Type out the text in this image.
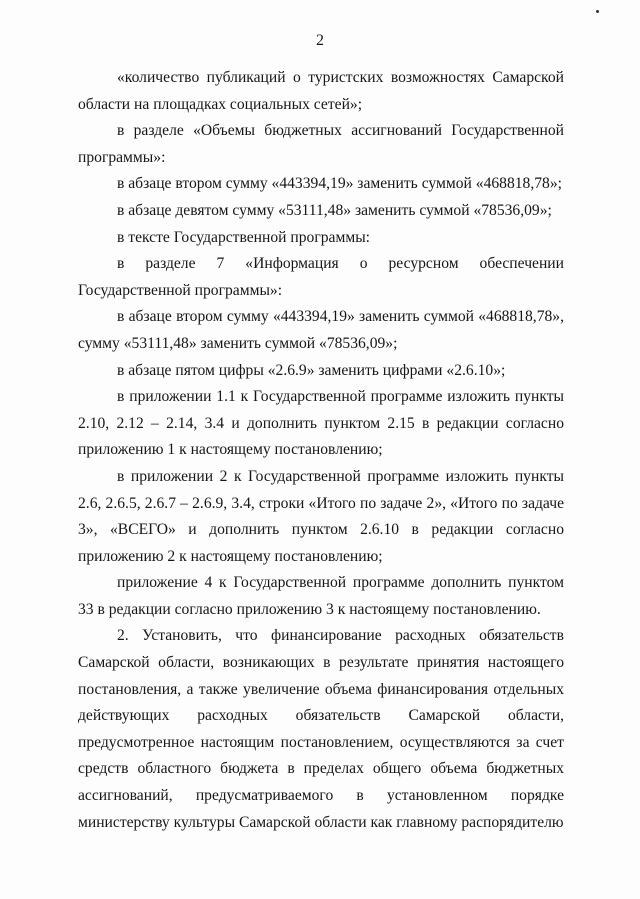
2

«количество публикаций о туристских возможностях Самарской области на площадках социальных сетей»;

в разделе «Объемы бюджетных ассигнований Государственной программы»:

в абзаце втором сумму «443394,19» заменить суммой «468818,78»;

в абзаце девятом сумму «53111,48» заменить суммой «78536,09»;

в тексте Государственной программы:

в разделе 7 «Информация о ресурсном обеспечении Государственной программы»:

в абзаце втором сумму «443394,19» заменить суммой «468818,78», сумму «53111,48» заменить суммой «78536,09»;

в абзаце пятом цифры «2.6.9» заменить цифрами «2.6.10»;

в приложении 1.1 к Государственной программе изложить пункты 2.10, 2.12 – 2.14, 3.4 и дополнить пунктом 2.15 в редакции согласно приложению 1 к настоящему постановлению;

в приложении 2 к Государственной программе изложить пункты 2.6, 2.6.5, 2.6.7 – 2.6.9, 3.4, строки «Итого по задаче 2», «Итого по задаче 3», «ВСЕГО» и дополнить пунктом 2.6.10 в редакции согласно приложению 2 к настоящему постановлению;

приложение 4 к Государственной программе дополнить пунктом 33 в редакции согласно приложению 3 к настоящему постановлению.

2. Установить, что финансирование расходных обязательств Самарской области, возникающих в результате принятия настоящего постановления, а также увеличение объема финансирования отдельных действующих расходных обязательств Самарской области, предусмотренное настоящим постановлением, осуществляются за счет средств областного бюджета в пределах общего объема бюджетных ассигнований, предусматриваемого в установленном порядке министерству культуры Самарской области как главному распорядителю
